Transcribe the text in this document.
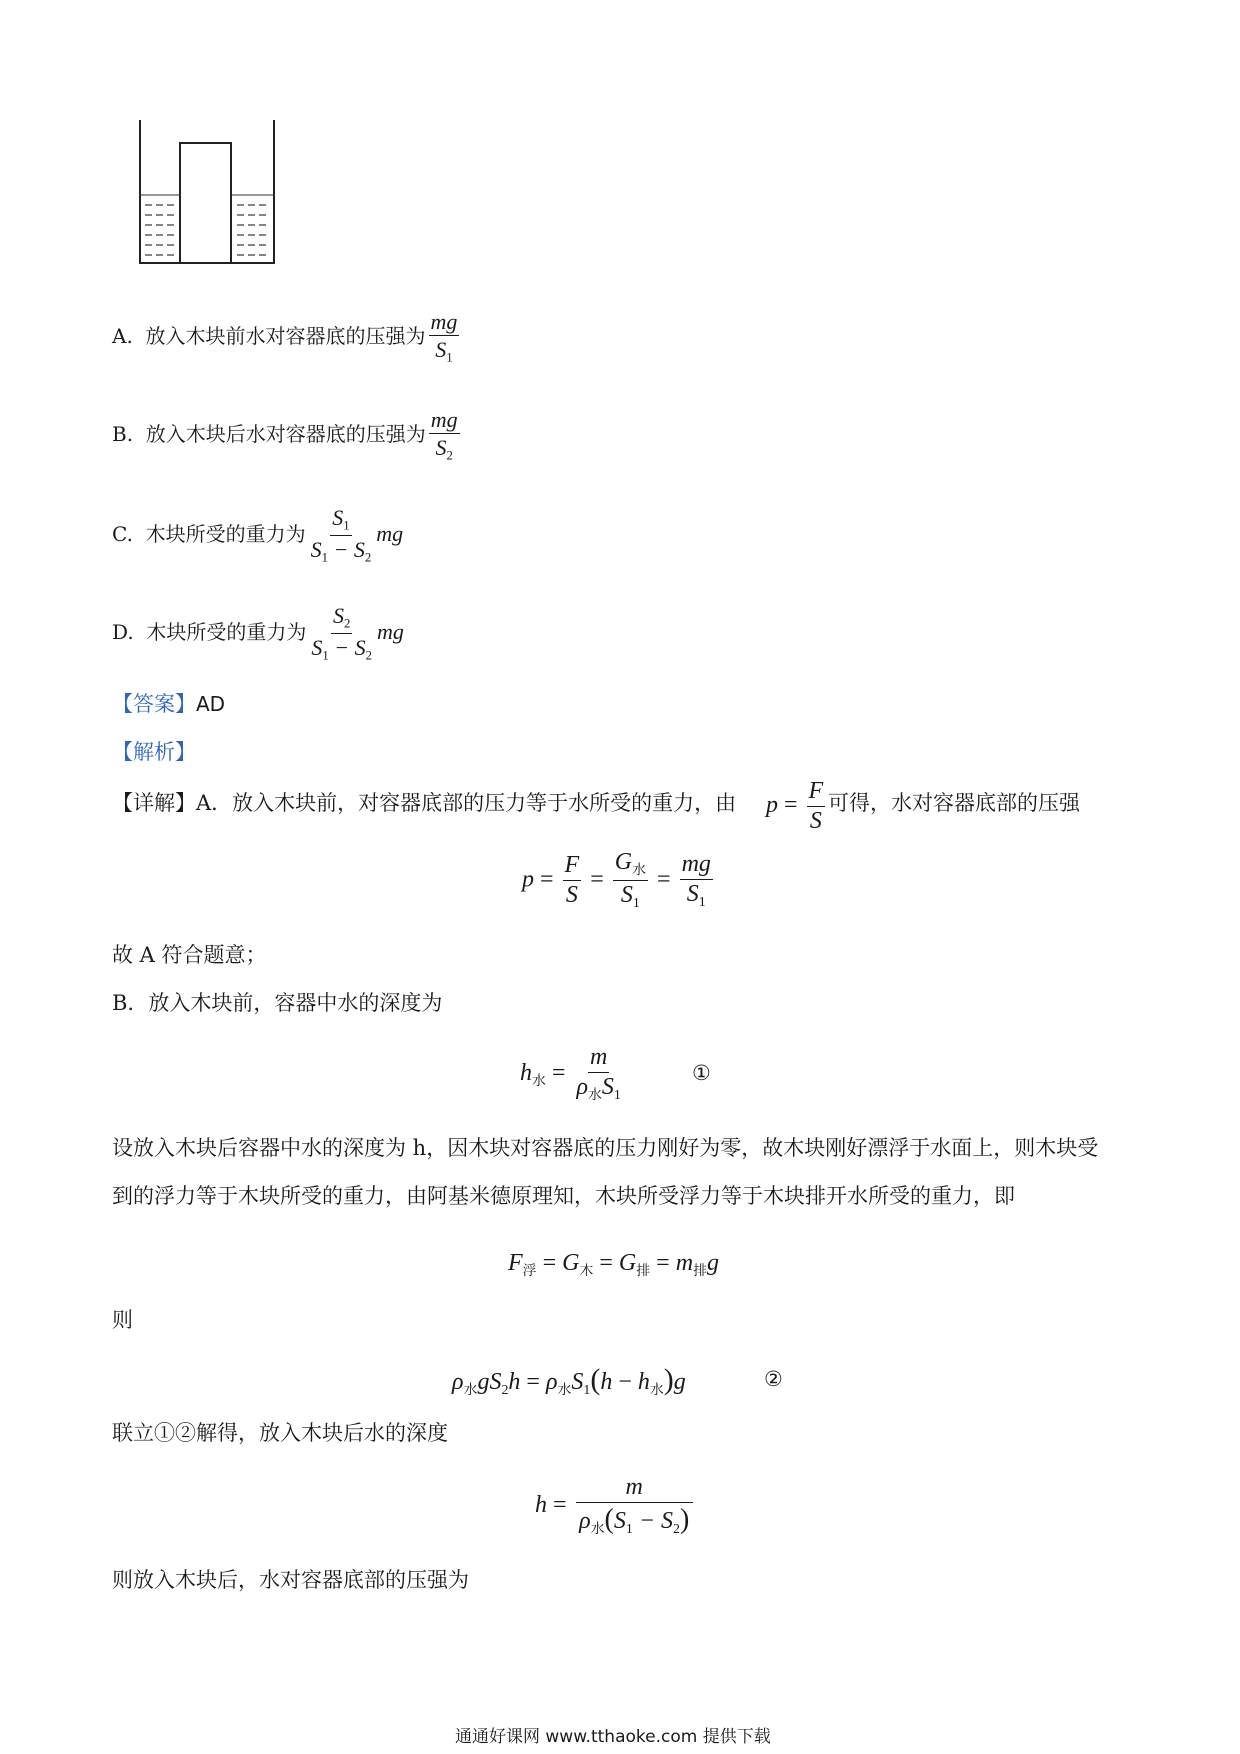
A. 放入木块前水对容器底的压强为 $\frac{mg}{S_1}$
B. 放入木块后水对容器底的压强为 $\frac{mg}{S_2}$
C. 木块所受的重力为 $\frac{S_1}{S_1 - S_2}$ mg
D. 木块所受的重力为 $\frac{S_2}{S_1 - S_2}$ mg
【答案】AD
【解析】
【详解】A．放入木块前，对容器底部的压力等于水所受的重力，由 $p = \frac{F}{S}$ 可得，水对容器底部的压强
$p = \frac{F}{S} = \frac{G_水}{S_1} = \frac{mg}{S_1}$
故 A 符合题意；
B．放入木块前，容器中水的深度为
$h_水 = \frac{m}{\rho_水S_1}$	①
设放入木块后容器中水的深度为 h，因木块对容器底的压力刚好为零，故木块刚好漂浮于水面上，则木块受
到的浮力等于木块所受的重力，由阿基米德原理知，木块所受浮力等于木块排开水所受的重力，即
$F_浮 = G_木 = G_排 = m_排g$
则
$\rho_水gS_2h = \rho_水S_1(h - h_水)g$	②
联立①②解得，放入木块后水的深度
$h = \frac{m}{\rho_水(S_1 - S_2)}$
则放入木块后，水对容器底部的压强为
通通好课网 www.tthaoke.com 提供下载
